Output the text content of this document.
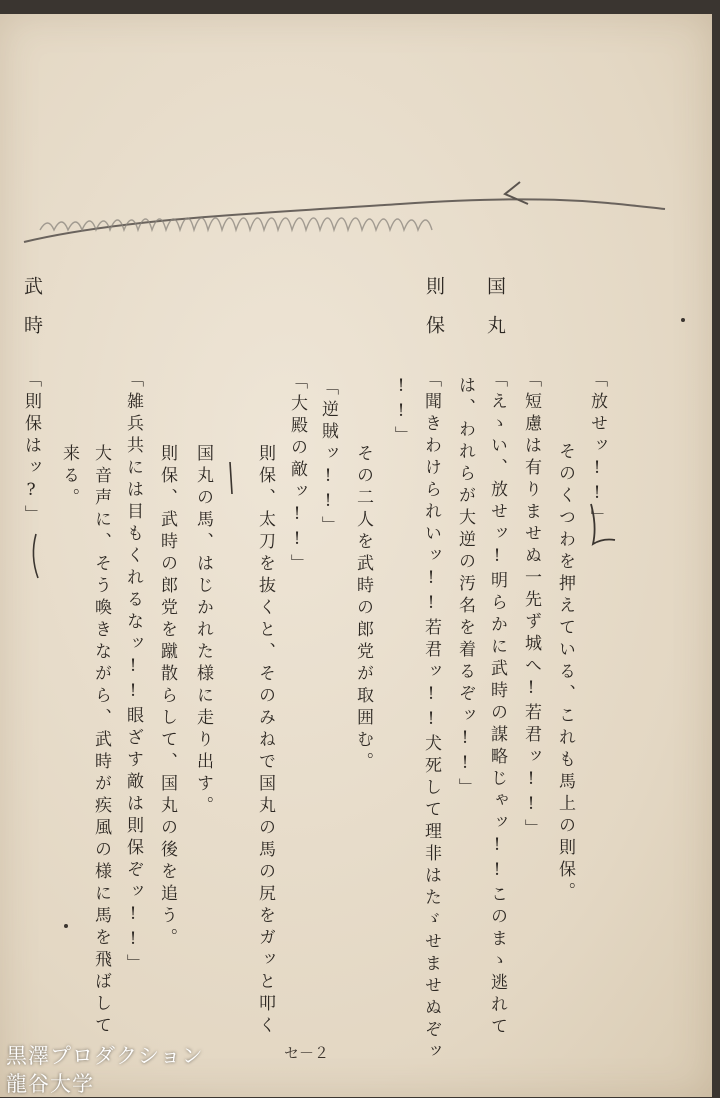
国丸
則保
武時
「放せッ!!」
そのくつわを押えている、これも馬上の則保。
「短慮は有りませぬ一先ず城へ!若君ッ!!」
「えゝい、放せッ!明らかに武時の謀略じゃッ!!このまゝ逃れて
は、われらが大逆の汚名を着るぞッ!!」
「聞きわけられいッ!!若君ッ!!犬死して理非はたゞせませぬぞッ
!!」
その二人を武時の郎党が取囲む。
「逆賊ッ!!」
「大殿の敵ッ!!」
則保、太刀を抜くと、そのみねで国丸の馬の尻をガッと叩く
国丸の馬、はじかれた様に走り出す。
則保、武時の郎党を蹴散らして、国丸の後を追う。
「雑兵共には目もくれるなッ!!眼ざす敵は則保ぞッ!!」
大音声に、そう喚きながら、武時が疾風の様に馬を飛ばして
来る。
「則保はッ?」
セ－２
黒澤プロダクション
龍谷大学
